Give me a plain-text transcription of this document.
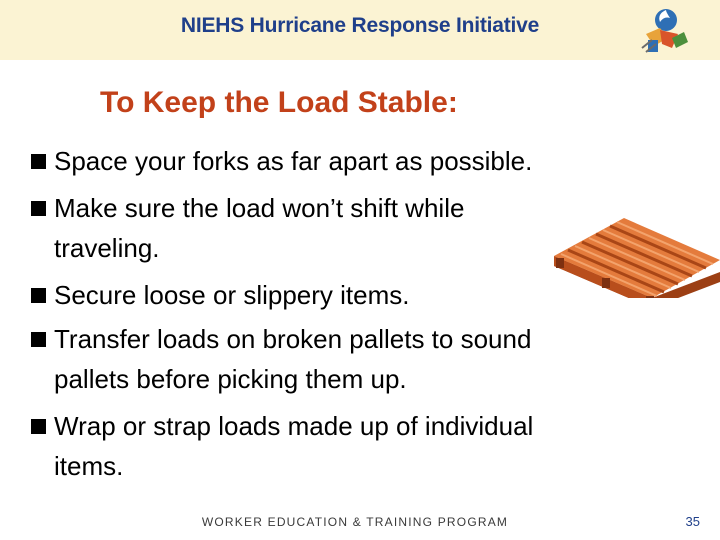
NIEHS Hurricane Response Initiative
To Keep the Load Stable:
Space your forks as far apart as possible.
Make sure the load won’t shift while
traveling.
Secure loose or slippery items.
Transfer loads on broken pallets to sound
pallets before picking them up.
Wrap or strap loads made up of individual
items.
WORKER EDUCATION & TRAINING PROGRAM	35
